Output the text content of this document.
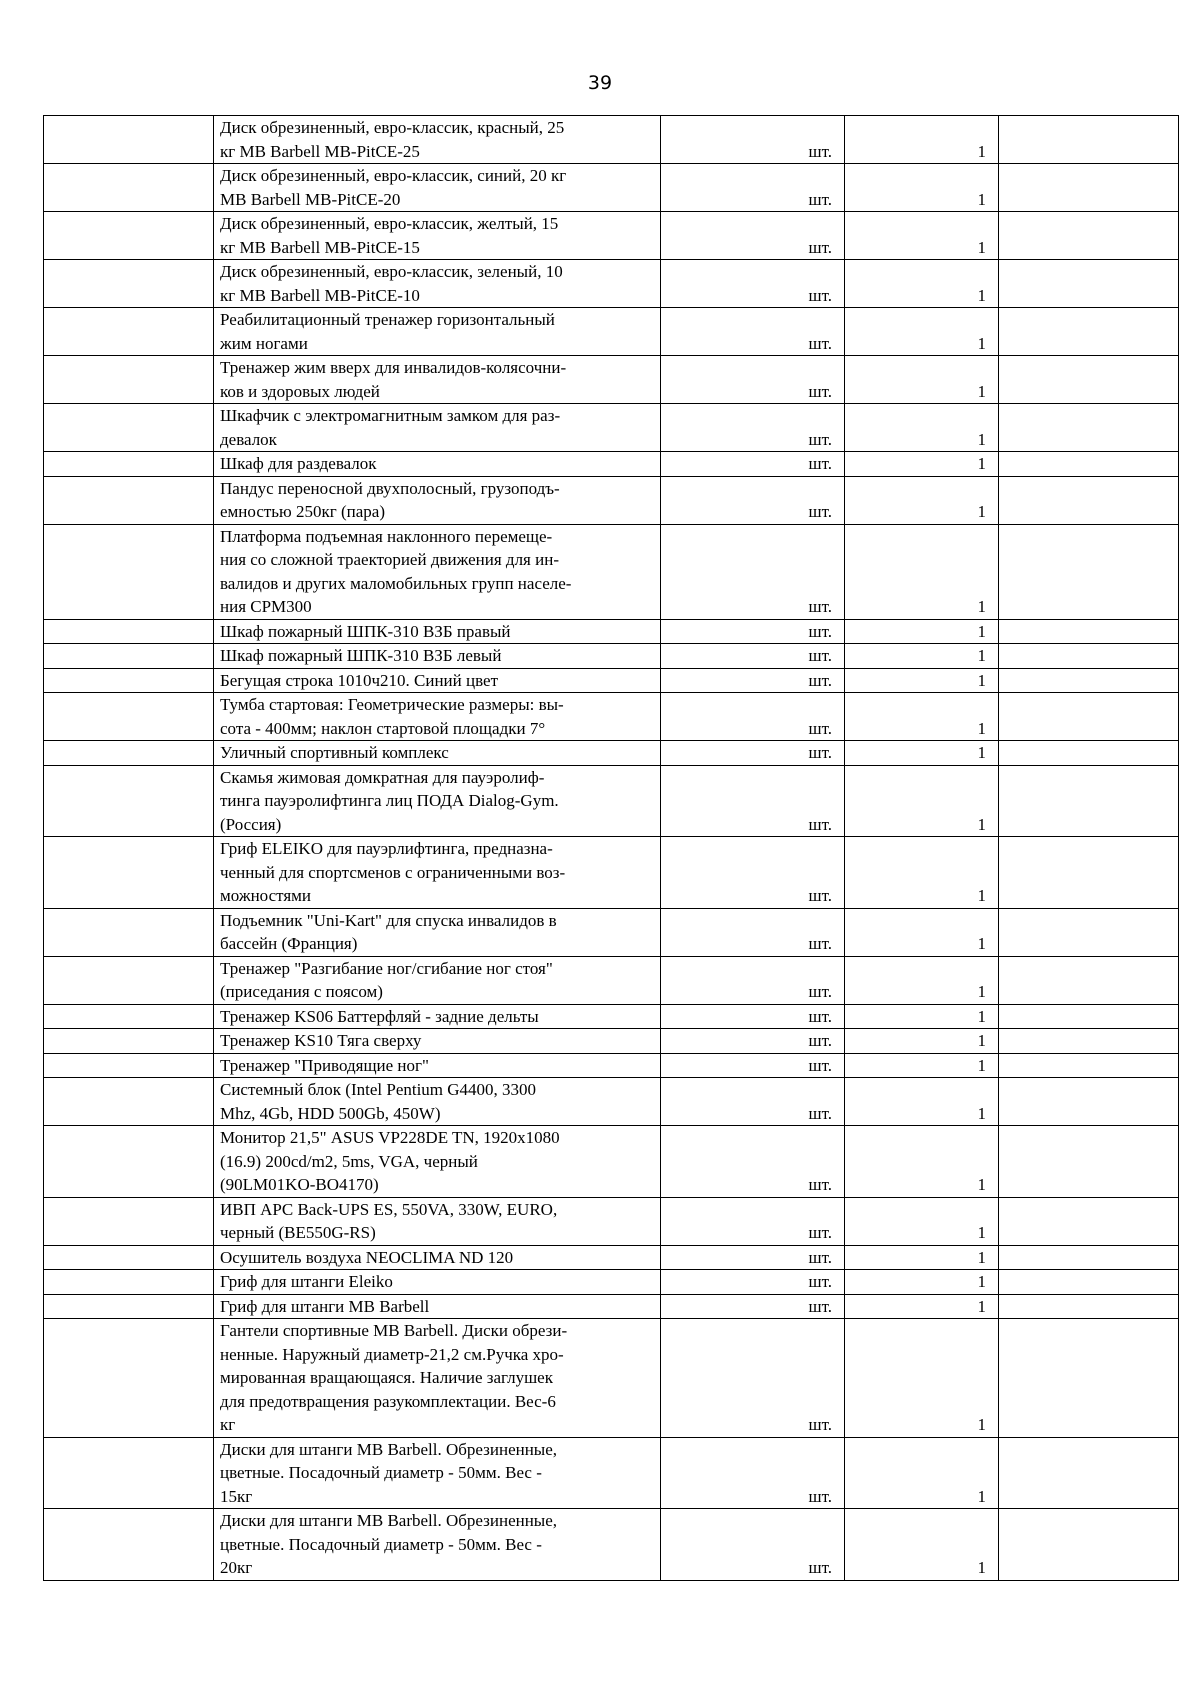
39

	Диск обрезиненный, евро-классик, красный, 25
кг MB Barbell MB-PitCE-25	шт.	1	

	Диск обрезиненный, евро-классик, синий, 20 кг
MB Barbell MB-PitCE-20	шт.	1	

	Диск обрезиненный, евро-классик, желтый, 15
кг MB Barbell MB-PitCE-15	шт.	1	

	Диск обрезиненный, евро-классик, зеленый, 10
кг MB Barbell MB-PitCE-10	шт.	1	

	Реабилитационный тренажер горизонтальный
жим ногами	шт.	1	

	Тренажер жим вверх для инвалидов-колясочни-
ков и здоровых людей	шт.	1	

	Шкафчик с электромагнитным замком для раз-
девалок	шт.	1	

	Шкаф для раздевалок	шт.	1	

	Пандус переносной двухполосный, грузоподъ-
емностью 250кг (пара)	шт.	1	

	Платформа подъемная наклонного перемеще-
ния со сложной траекторией движения для ин-
валидов и других маломобильных групп населе-
ния СРМ300	шт.	1	

	Шкаф пожарный ШПК-310 ВЗБ правый	шт.	1	

	Шкаф пожарный ШПК-310 ВЗБ левый	шт.	1	

	Бегущая строка 1010ч210. Синий цвет	шт.	1	

	Тумба стартовая: Геометрические размеры: вы-
сота - 400мм; наклон стартовой площадки 7°	шт.	1	

	Уличный спортивный комплекс	шт.	1	

	Скамья жимовая домкратная для пауэролиф-
тинга пауэролифтинга лиц ПОДА Dialog-Gym.
(Россия)	шт.	1	

	Гриф ELEIKO для пауэрлифтинга, предназна-
ченный для спортсменов с ограниченными воз-
можностями	шт.	1	

	Подъемник "Uni-Kart" для спуска инвалидов в
бассейн (Франция)	шт.	1	

	Тренажер "Разгибание ног/сгибание ног стоя"
(приседания с поясом)	шт.	1	

	Тренажер KS06 Баттерфляй - задние дельты	шт.	1	

	Тренажер KS10 Тяга сверху	шт.	1	

	Тренажер "Приводящие ног"	шт.	1	

	Системный блок (Intel Pentium G4400, 3300
Mhz, 4Gb, HDD 500Gb, 450W)	шт.	1	

	Монитор 21,5" ASUS VP228DE TN, 1920x1080
(16.9) 200cd/m2, 5ms, VGA, черный
(90LM01KO-BO4170)	шт.	1	

	ИВП APC Back-UPS ES, 550VA, 330W, EURO,
черный (BE550G-RS)	шт.	1	

	Осушитель воздуха NEOCLIMA ND 120	шт.	1	

	Гриф для штанги Eleiko	шт.	1	

	Гриф для штанги MB Barbell	шт.	1	

	Гантели спортивные MB Barbell. Диски обрези-
ненные. Наружный диаметр-21,2 см.Ручка хро-
мированная вращающаяся. Наличие заглушек
для предотвращения разукомплектации. Вес-6
кг	шт.	1	

	Диски для штанги MB Barbell. Обрезиненные,
цветные. Посадочный диаметр - 50мм. Вес -
15кг	шт.	1	

	Диски для штанги MB Barbell. Обрезиненные,
цветные. Посадочный диаметр - 50мм. Вес -
20кг	шт.	1	
